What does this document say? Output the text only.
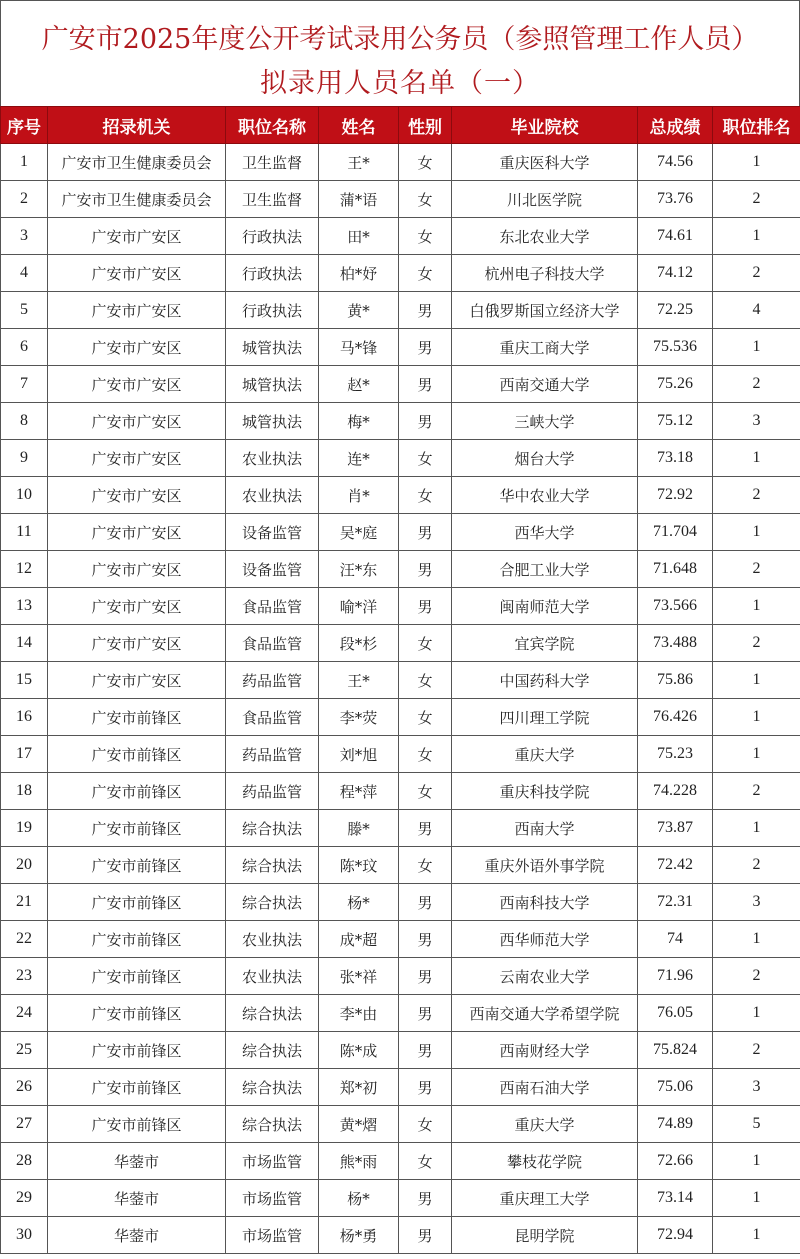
广安市2025年度公开考试录用公务员（参照管理工作人员）
拟录用人员名单（一）
序号	招录机关	职位名称	姓名	性别	毕业院校	总成绩	职位排名
1	广安市卫生健康委员会	卫生监督	王*	女	重庆医科大学	74.56	1
2	广安市卫生健康委员会	卫生监督	蒲*语	女	川北医学院	73.76	2
3	广安市广安区	行政执法	田*	女	东北农业大学	74.61	1
4	广安市广安区	行政执法	柏*妤	女	杭州电子科技大学	74.12	2
5	广安市广安区	行政执法	黄*	男	白俄罗斯国立经济大学	72.25	4
6	广安市广安区	城管执法	马*锋	男	重庆工商大学	75.536	1
7	广安市广安区	城管执法	赵*	男	西南交通大学	75.26	2
8	广安市广安区	城管执法	梅*	男	三峡大学	75.12	3
9	广安市广安区	农业执法	连*	女	烟台大学	73.18	1
10	广安市广安区	农业执法	肖*	女	华中农业大学	72.92	2
11	广安市广安区	设备监管	吴*庭	男	西华大学	71.704	1
12	广安市广安区	设备监管	汪*东	男	合肥工业大学	71.648	2
13	广安市广安区	食品监管	喻*洋	男	闽南师范大学	73.566	1
14	广安市广安区	食品监管	段*杉	女	宜宾学院	73.488	2
15	广安市广安区	药品监管	王*	女	中国药科大学	75.86	1
16	广安市前锋区	食品监管	李*荧	女	四川理工学院	76.426	1
17	广安市前锋区	药品监管	刘*旭	女	重庆大学	75.23	1
18	广安市前锋区	药品监管	程*萍	女	重庆科技学院	74.228	2
19	广安市前锋区	综合执法	滕*	男	西南大学	73.87	1
20	广安市前锋区	综合执法	陈*玟	女	重庆外语外事学院	72.42	2
21	广安市前锋区	综合执法	杨*	男	西南科技大学	72.31	3
22	广安市前锋区	农业执法	成*超	男	西华师范大学	74	1
23	广安市前锋区	农业执法	张*祥	男	云南农业大学	71.96	2
24	广安市前锋区	综合执法	李*由	男	西南交通大学希望学院	76.05	1
25	广安市前锋区	综合执法	陈*成	男	西南财经大学	75.824	2
26	广安市前锋区	综合执法	郑*初	男	西南石油大学	75.06	3
27	广安市前锋区	综合执法	黄*熠	女	重庆大学	74.89	5
28	华蓥市	市场监管	熊*雨	女	攀枝花学院	72.66	1
29	华蓥市	市场监管	杨*	男	重庆理工大学	73.14	1
30	华蓥市	市场监管	杨*勇	男	昆明学院	72.94	1
